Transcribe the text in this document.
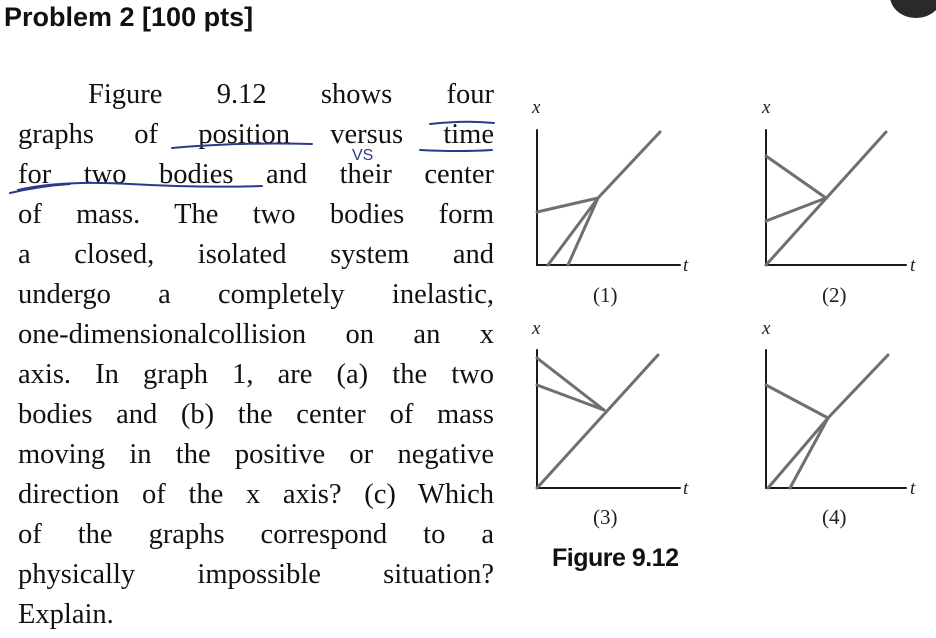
Problem 2 [100 pts]
Figure 9.12 shows four
graphs of position versus time
for two bodies and their center
of mass. The two bodies form
a closed, isolated system and
undergo a completely inelastic,
one-dimensionalcollision on an x
axis. In graph 1, are (a) the two
bodies and (b) the center of mass
moving in the positive or negative
direction of the x axis? (c) Which
of the graphs correspond to a
physically impossible situation?
Explain.
VS
x
t
(1)
x
t
(2)
x
t
(3)
x
t
(4)
Figure 9.12
